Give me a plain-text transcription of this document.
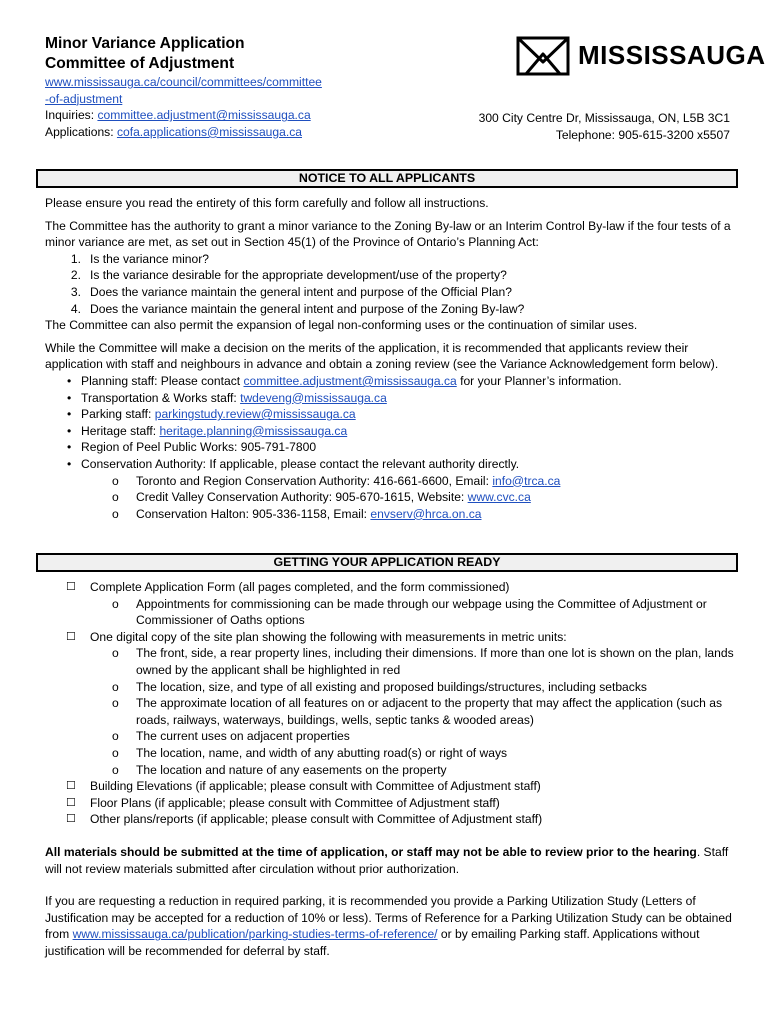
Minor Variance Application
Committee of Adjustment
www.mississauga.ca/council/committees/committee
-of-adjustment
Inquiries: committee.adjustment@mississauga.ca
Applications: cofa.applications@mississauga.ca
MISSISSAUGA
300 City Centre Dr, Mississauga, ON, L5B 3C1
Telephone: 905-615-3200 x5507
NOTICE TO ALL APPLICANTS

Please ensure you read the entirety of this form carefully and follow all instructions.

The Committee has the authority to grant a minor variance to the Zoning By-law or an Interim Control By-law if the four tests of a minor variance are met, as set out in Section 45(1) of the Province of Ontario’s Planning Act:

1. Is the variance minor?
2. Is the variance desirable for the appropriate development/use of the property?
3. Does the variance maintain the general intent and purpose of the Official Plan?
4. Does the variance maintain the general intent and purpose of the Zoning By-law?

The Committee can also permit the expansion of legal non-conforming uses or the continuation of similar uses.

While the Committee will make a decision on the merits of the application, it is recommended that applicants review their application with staff and neighbours in advance and obtain a zoning review (see the Variance Acknowledgement form below).

• Planning staff: Please contact committee.adjustment@mississauga.ca for your Planner’s information.
• Transportation & Works staff: twdeveng@mississauga.ca
• Parking staff: parkingstudy.review@mississauga.ca
• Heritage staff: heritage.planning@mississauga.ca
• Region of Peel Public Works: 905-791-7800
• Conservation Authority: If applicable, please contact the relevant authority directly.
o	Toronto and Region Conservation Authority: 416-661-6600, Email: info@trca.ca
o	Credit Valley Conservation Authority: 905-670-1615, Website: www.cvc.ca
o	Conservation Halton: 905-336-1158, Email: envserv@hrca.on.ca
GETTING YOUR APPLICATION READY
☐	Complete Application Form (all pages completed, and the form commissioned)
o	Appointments for commissioning can be made through our webpage using the Committee of Adjustment or Commissioner of Oaths options
☐	One digital copy of the site plan showing the following with measurements in metric units:
o	The front, side, a rear property lines, including their dimensions. If more than one lot is shown on the plan, lands owned by the applicant shall be highlighted in red
o	The location, size, and type of all existing and proposed buildings/structures, including setbacks
o	The approximate location of all features on or adjacent to the property that may affect the application (such as roads, railways, waterways, buildings, wells, septic tanks & wooded areas)
o	The current uses on adjacent properties
o	The location, name, and width of any abutting road(s) or right of ways
o	The location and nature of any easements on the property
☐	Building Elevations (if applicable; please consult with Committee of Adjustment staff)
☐	Floor Plans (if applicable; please consult with Committee of Adjustment staff)
☐	Other plans/reports (if applicable; please consult with Committee of Adjustment staff)

All materials should be submitted at the time of application, or staff may not be able to review prior to the hearing. Staff will not review materials submitted after circulation without prior authorization.

If you are requesting a reduction in required parking, it is recommended you provide a Parking Utilization Study (Letters of Justification may be accepted for a reduction of 10% or less). Terms of Reference for a Parking Utilization Study can be obtained from www.mississauga.ca/publication/parking-studies-terms-of-reference/ or by emailing Parking staff. Applications without justification will be recommended for deferral by staff.
